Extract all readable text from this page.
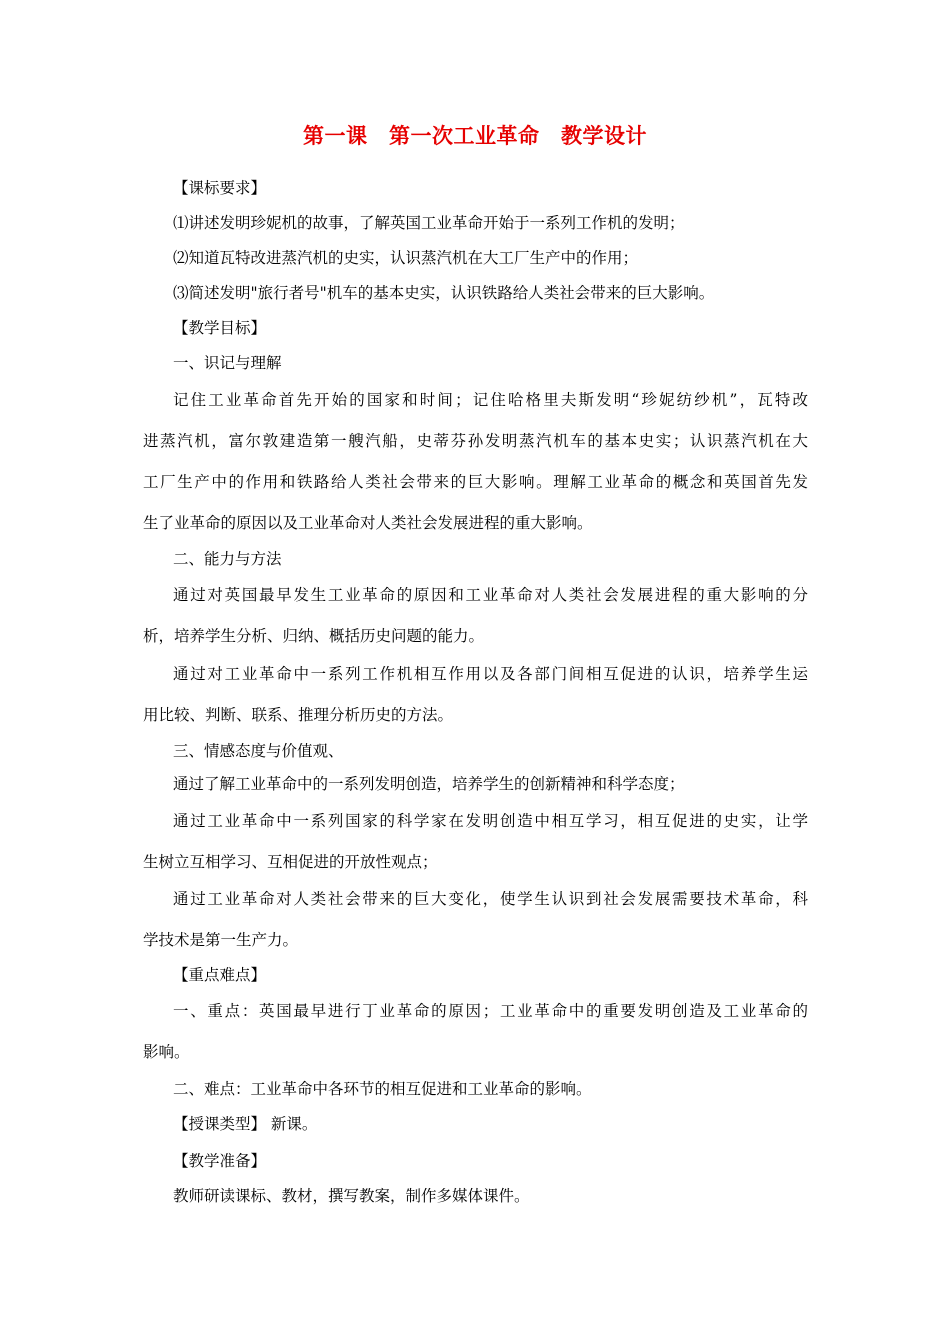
第一课　第一次工业革命　教学设计
【课标要求】
⑴讲述发明珍妮机的故事，了解英国工业革命开始于一系列工作机的发明；
⑵知道瓦特改进蒸汽机的史实，认识蒸汽机在大工厂生产中的作用；
⑶简述发明"旅行者号"机车的基本史实，认识铁路给人类社会带来的巨大影响。
【教学目标】
一、识记与理解
记住工业革命首先开始的国家和时间；记住哈格里夫斯发明“珍妮纺纱机”，瓦特改
进蒸汽机，富尔敦建造第一艘汽船，史蒂芬孙发明蒸汽机车的基本史实；认识蒸汽机在大
工厂生产中的作用和铁路给人类社会带来的巨大影响。理解工业革命的概念和英国首先发
生了业革命的原因以及工业革命对人类社会发展进程的重大影响。
二、能力与方法
通过对英国最早发生工业革命的原因和工业革命对人类社会发展进程的重大影响的分
析，培养学生分析、归纳、概括历史问题的能力。
通过对工业革命中一系列工作机相互作用以及各部门间相互促进的认识，培养学生运
用比较、判断、联系、推理分析历史的方法。
三、情感态度与价值观、
通过了解工业革命中的一系列发明创造，培养学生的创新精神和科学态度；
通过工业革命中一系列国家的科学家在发明创造中相互学习，相互促进的史实，让学
生树立互相学习、互相促进的开放性观点；
通过工业革命对人类社会带来的巨大变化，使学生认识到社会发展需要技术革命，科
学技术是第一生产力。
【重点难点】
一、重点：英国最早进行丁业革命的原因；工业革命中的重要发明创造及工业革命的
影响。
二、难点：工业革命中各环节的相互促进和工业革命的影响。
【授课类型】 新课。
【教学准备】
教师研读课标、教材，撰写教案，制作多媒体课件。
